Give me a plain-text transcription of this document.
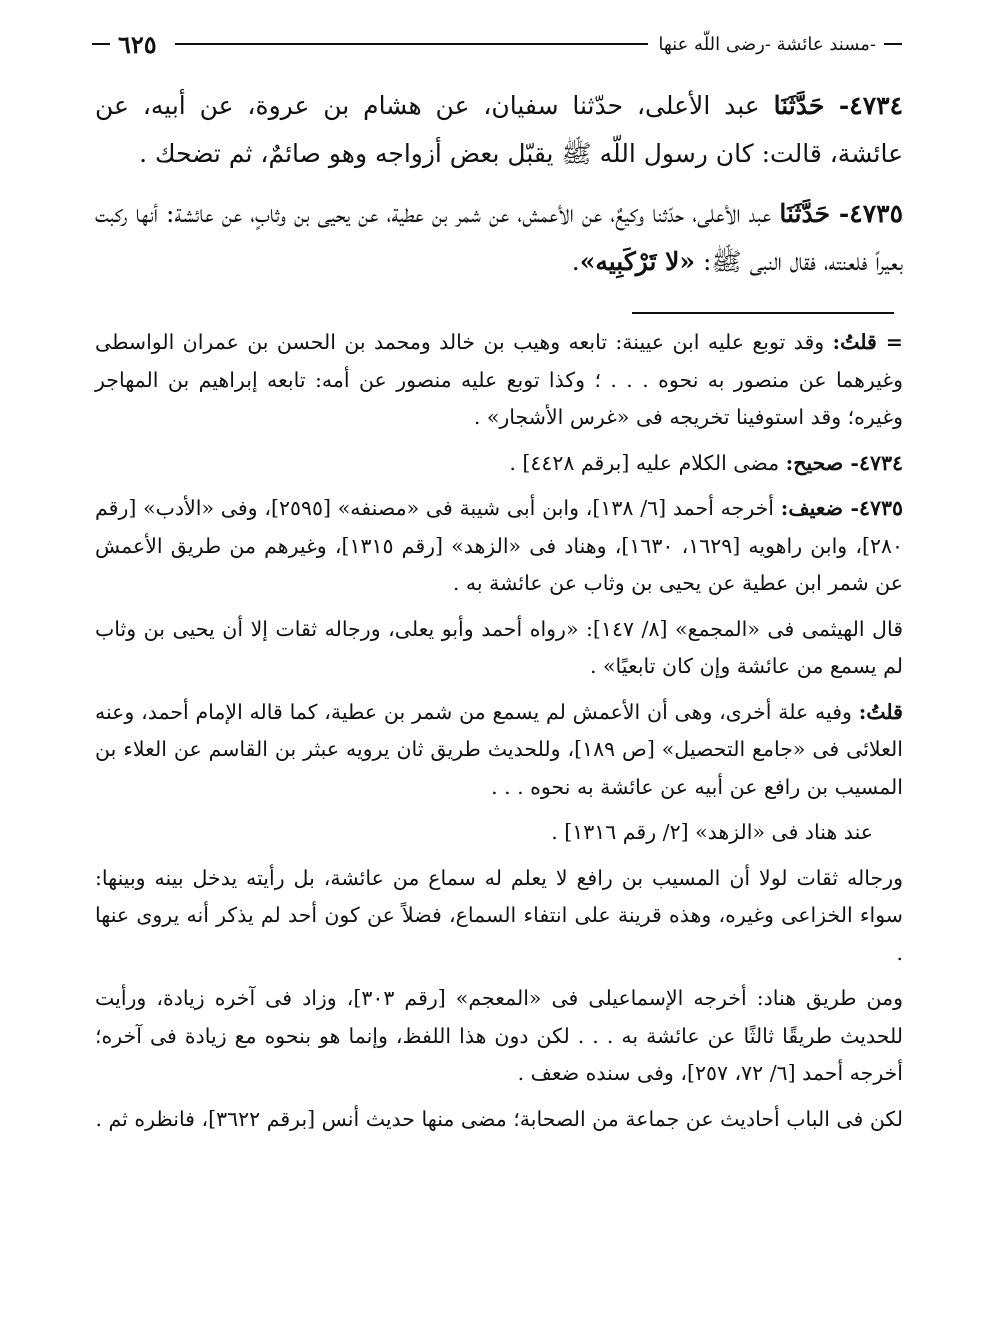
٦٢٥	مسند عائشة -رضى اللّه عنها-

٤٧٣٤- حَدَّثَنَا عبد الأعلى، حدّثنا سفيان، عن هشام بن عروة، عن أبيه، عن عائشة، قالت: كان رسول اللّه ﷺ يقبّل بعض أزواجه وهو صائمٌ، ثم تضحك .

٤٧٣٥- حَدَّثَنَا عبد الأعلى، حدّثنا وكيعٌ، عن الأعمش، عن شمر بن عطية، عن يحيى بن وثابٍ، عن عائشة: أنها ركبت بعيراً فلعنته، فقال النبى ﷺ: «لا تَرْكَبِيه».

= قلتُ: وقد توبع عليه ابن عيينة: تابعه وهيب بن خالد ومحمد بن الحسن بن عمران الواسطى وغيرهما عن منصور به نحوه . . . ؛ وكذا توبع عليه منصور عن أمه: تابعه إبراهيم بن المهاجر وغيره؛ وقد استوفينا تخريجه فى «غرس الأشجار» .

٤٧٣٤- صحيح: مضى الكلام عليه [برقم ٤٤٢٨] .

٤٧٣٥- ضعيف: أخرجه أحمد [٦/ ١٣٨]، وابن أبى شيبة فى «مصنفه» [٢٥٩٥]، وفى «الأدب» [رقم ٢٨٠]، وابن راهويه [١٦٢٩، ١٦٣٠]، وهناد فى «الزهد» [رقم ١٣١٥]، وغيرهم من طريق الأعمش عن شمر ابن عطية عن يحيى بن وثاب عن عائشة به .

قال الهيثمى فى «المجمع» [٨/ ١٤٧]: «رواه أحمد وأبو يعلى، ورجاله ثقات إلا أن يحيى بن وثاب لم يسمع من عائشة وإن كان تابعيًا» .

قلتُ: وفيه علة أخرى، وهى أن الأعمش لم يسمع من شمر بن عطية، كما قاله الإمام أحمد، وعنه العلائى فى «جامع التحصيل» [ص ١٨٩]، وللحديث طريق ثان يرويه عبثر بن القاسم عن العلاء بن المسيب بن رافع عن أبيه عن عائشة به نحوه . . .

عند هناد فى «الزهد» [٢/ رقم ١٣١٦] .

ورجاله ثقات لولا أن المسيب بن رافع لا يعلم له سماع من عائشة، بل رأيته يدخل بينه وبينها: سواء الخزاعى وغيره، وهذه قرينة على انتفاء السماع، فضلاً عن كون أحد لم يذكر أنه يروى عنها .

ومن طريق هناد: أخرجه الإسماعيلى فى «المعجم» [رقم ٣٠٣]، وزاد فى آخره زيادة، ورأيت للحديث طريقًا ثالثًا عن عائشة به . . . لكن دون هذا اللفظ، وإنما هو بنحوه مع زيادة فى آخره؛ أخرجه أحمد [٦/ ٧٢، ٢٥٧]، وفى سنده ضعف .

لكن فى الباب أحاديث عن جماعة من الصحابة؛ مضى منها حديث أنس [برقم ٣٦٢٢]، فانظره ثم .
